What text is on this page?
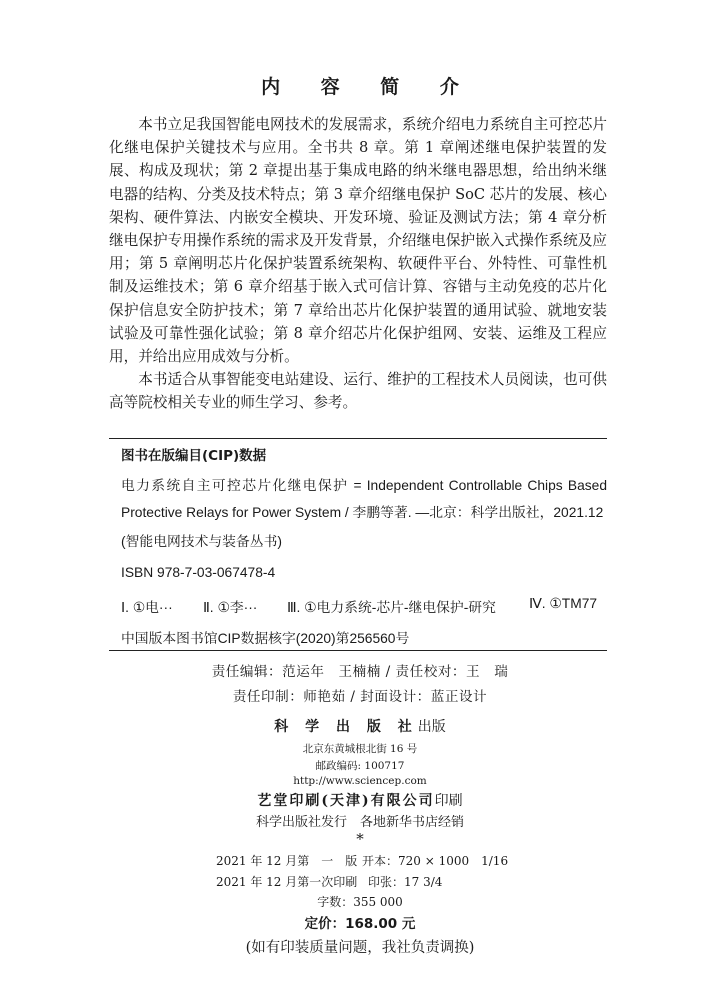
内 容 简 介

本书立足我国智能电网技术的发展需求，系统介绍电力系统自主可控芯片化继电保护关键技术与应用。全书共 8 章。第 1 章阐述继电保护装置的发展、构成及现状；第 2 章提出基于集成电路的纳米继电器思想，给出纳米继电器的结构、分类及技术特点；第 3 章介绍继电保护 SoC 芯片的发展、核心架构、硬件算法、内嵌安全模块、开发环境、验证及测试方法；第 4 章分析继电保护专用操作系统的需求及开发背景，介绍继电保护嵌入式操作系统及应用；第 5 章阐明芯片化保护装置系统架构、软硬件平台、外特性、可靠性机制及运维技术；第 6 章介绍基于嵌入式可信计算、容错与主动免疫的芯片化保护信息安全防护技术；第 7 章给出芯片化保护装置的通用试验、就地安装试验及可靠性强化试验；第 8 章介绍芯片化保护组网、安装、运维及工程应用，并给出应用成效与分析。

本书适合从事智能变电站建设、运行、维护的工程技术人员阅读，也可供高等院校相关专业的师生学习、参考。

图书在版编目(CIP)数据
电力系统自主可控芯片化继电保护 = Independent Controllable Chips Based
Protective Relays for Power System / 李鹏等著. —北京：科学出版社，2021.12
(智能电网技术与装备丛书)
ISBN 978-7-03-067478-4
Ⅰ. ①电··· Ⅱ. ①李··· Ⅲ. ①电力系统-芯片-继电保护-研究 Ⅳ. ①TM77
中国版本图书馆CIP数据核字(2020)第256560号
责任编辑：范运年　王楠楠 / 责任校对：王　瑞
责任印制：师艳茹 / 封面设计：蓝正设计
科 学 出 版 社出版
北京东黄城根北街 16 号
邮政编码: 100717
http://www.sciencep.com
艺堂印刷(天津)有限公司印刷
科学出版社发行　各地新华书店经销
*
2021 年 12 月第　一　版 开本：720 × 1000　1/16
2021 年 12 月第一次印刷 印张：17 3/4
字数：355 000
定价：168.00 元
(如有印装质量问题，我社负责调换)
